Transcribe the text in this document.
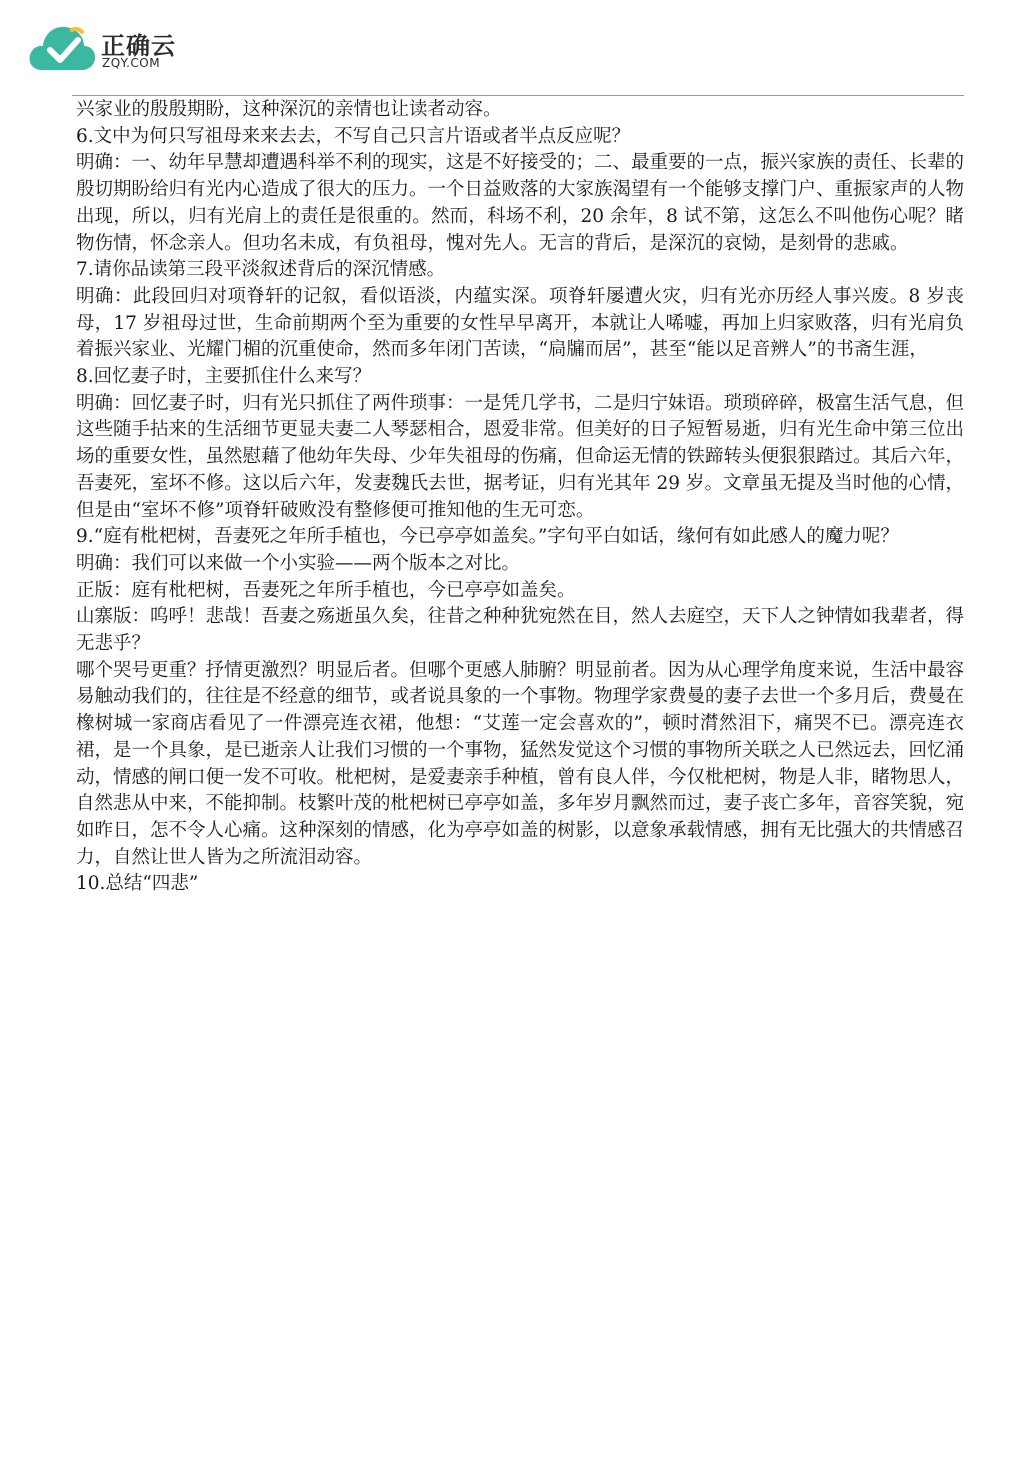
正确云
ZQY.COM

兴家业的殷殷期盼，这种深沉的亲情也让读者动容。

6.文中为何只写祖母来来去去，不写自己只言片语或者半点反应呢？

明确：一、幼年早慧却遭遇科举不利的现实，这是不好接受的；二、最重要的一点，振兴家族的责任、长辈的殷切期盼给归有光内心造成了很大的压力。一个日益败落的大家族渴望有一个能够支撑门户、重振家声的人物出现，所以，归有光肩上的责任是很重的。然而，科场不利，20 余年，8 试不第，这怎么不叫他伤心呢？睹物伤情，怀念亲人。但功名未成，有负祖母，愧对先人。无言的背后，是深沉的哀恸，是刻骨的悲戚。

7.请你品读第三段平淡叙述背后的深沉情感。

明确：此段回归对项脊轩的记叙，看似语淡，内蕴实深。项脊轩屡遭火灾，归有光亦历经人事兴废。8 岁丧母，17 岁祖母过世，生命前期两个至为重要的女性早早离开，本就让人唏嘘，再加上归家败落，归有光肩负着振兴家业、光耀门楣的沉重使命，然而多年闭门苦读，“扃牖而居”，甚至“能以足音辨人”的书斋生涯，

8.回忆妻子时，主要抓住什么来写？

明确：回忆妻子时，归有光只抓住了两件琐事：一是凭几学书，二是归宁妹语。琐琐碎碎，极富生活气息，但这些随手拈来的生活细节更显夫妻二人琴瑟相合，恩爱非常。但美好的日子短暂易逝，归有光生命中第三位出场的重要女性，虽然慰藉了他幼年失母、少年失祖母的伤痛，但命运无情的铁蹄转头便狠狠踏过。其后六年，吾妻死，室坏不修。这以后六年，发妻魏氏去世，据考证，归有光其年 29 岁。文章虽无提及当时他的心情，但是由“室坏不修”项脊轩破败没有整修便可推知他的生无可恋。

9.“庭有枇杷树，吾妻死之年所手植也，今已亭亭如盖矣。”字句平白如话，缘何有如此感人的魔力呢？

明确：我们可以来做一个小实验——两个版本之对比。

正版：庭有枇杷树，吾妻死之年所手植也，今已亭亭如盖矣。

山寨版：呜呼！悲哉！吾妻之殇逝虽久矣，往昔之种种犹宛然在目，然人去庭空，天下人之钟情如我辈者，得无悲乎？

哪个哭号更重？抒情更激烈？明显后者。但哪个更感人肺腑？明显前者。因为从心理学角度来说，生活中最容易触动我们的，往往是不经意的细节，或者说具象的一个事物。物理学家费曼的妻子去世一个多月后，费曼在橡树城一家商店看见了一件漂亮连衣裙，他想：“艾莲一定会喜欢的”，顿时潸然泪下，痛哭不已。漂亮连衣裙，是一个具象，是已逝亲人让我们习惯的一个事物，猛然发觉这个习惯的事物所关联之人已然远去，回忆涌动，情感的闸口便一发不可收。枇杷树，是爱妻亲手种植，曾有良人伴，今仅枇杷树，物是人非，睹物思人，自然悲从中来，不能抑制。枝繁叶茂的枇杷树已亭亭如盖，多年岁月飘然而过，妻子丧亡多年，音容笑貌，宛如昨日，怎不令人心痛。这种深刻的情感，化为亭亭如盖的树影，以意象承载情感，拥有无比强大的共情感召力，自然让世人皆为之所流泪动容。

10.总结“四悲”
